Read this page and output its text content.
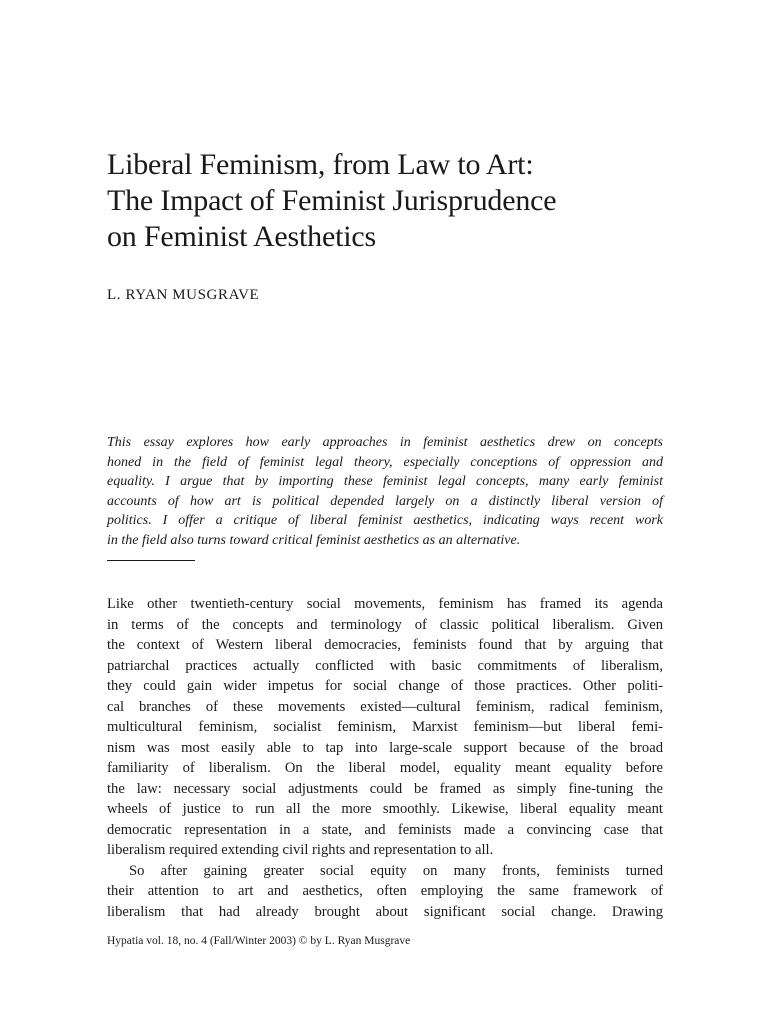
Liberal Feminism, from Law to Art:
The Impact of Feminist Jurisprudence
on Feminist Aesthetics

L. RYAN MUSGRAVE

This essay explores how early approaches in feminist aesthetics drew on concepts
honed in the field of feminist legal theory, especially conceptions of oppression and
equality. I argue that by importing these feminist legal concepts, many early feminist
accounts of how art is political depended largely on a distinctly liberal version of
politics. I offer a critique of liberal feminist aesthetics, indicating ways recent work
in the field also turns toward critical feminist aesthetics as an alternative.

Like other twentieth-century social movements, feminism has framed its agenda
in terms of the concepts and terminology of classic political liberalism. Given
the context of Western liberal democracies, feminists found that by arguing that
patriarchal practices actually conflicted with basic commitments of liberalism,
they could gain wider impetus for social change of those practices. Other politi-
cal branches of these movements existed—cultural feminism, radical feminism,
multicultural feminism, socialist feminism, Marxist feminism—but liberal femi-
nism was most easily able to tap into large-scale support because of the broad
familiarity of liberalism. On the liberal model, equality meant equality before
the law: necessary social adjustments could be framed as simply fine-tuning the
wheels of justice to run all the more smoothly. Likewise, liberal equality meant
democratic representation in a state, and feminists made a convincing case that
liberalism required extending civil rights and representation to all.
So after gaining greater social equity on many fronts, feminists turned
their attention to art and aesthetics, often employing the same framework of
liberalism that had already brought about significant social change. Drawing

Hypatia vol. 18, no. 4 (Fall/Winter 2003) © by L. Ryan Musgrave
